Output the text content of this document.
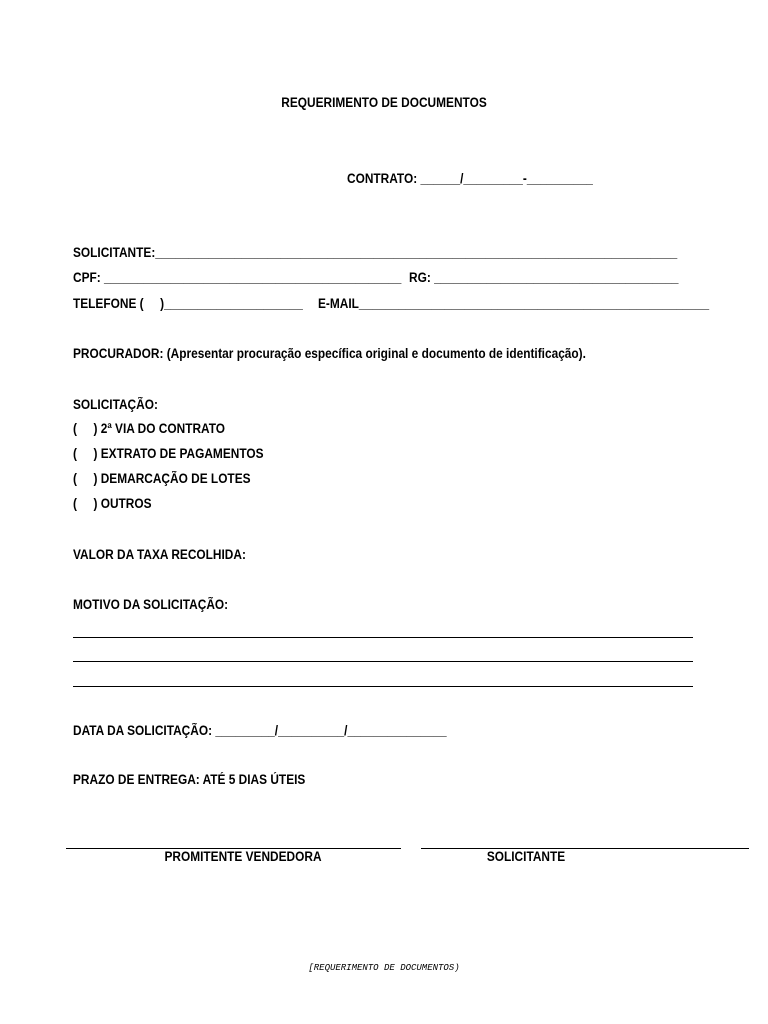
REQUERIMENTO DE DOCUMENTOS
CONTRATO: ______/_________-__________
SOLICITANTE:_______________________________________________________________________________
CPF: _____________________________________________ RG: _____________________________________
TELEFONE (     )_____________________ E-MAIL_____________________________________________________
PROCURADOR: (Apresentar procuração específica original e documento de identificação).
SOLICITAÇÃO:
(     ) 2ª VIA DO CONTRATO
(     ) EXTRATO DE PAGAMENTOS
(     ) DEMARCAÇÃO DE LOTES
(     ) OUTROS
VALOR DA TAXA RECOLHIDA:
MOTIVO DA SOLICITAÇÃO:
DATA DA SOLICITAÇÃO: _________/__________/_______________
PRAZO DE ENTREGA: ATÉ 5 DIAS ÚTEIS
PROMITENTE VENDEDORA	SOLICITANTE
[REQUERIMENTO DE DOCUMENTOS)
